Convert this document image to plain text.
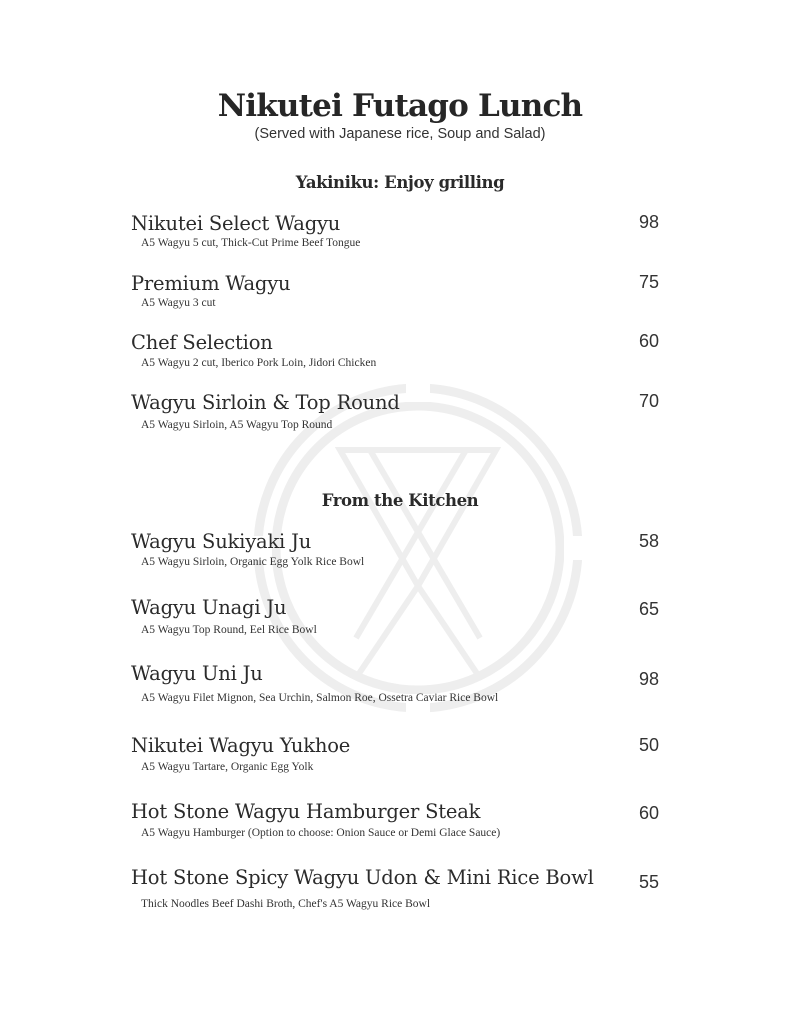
Nikutei Futago Lunch
(Served with Japanese rice, Soup and Salad)
Yakiniku: Enjoy grilling
Nikutei Select Wagyu
A5 Wagyu 5 cut, Thick-Cut Prime Beef Tongue
98
Premium Wagyu
A5 Wagyu 3 cut
75
Chef Selection
A5 Wagyu 2 cut, Iberico Pork Loin, Jidori Chicken
60
Wagyu Sirloin & Top Round
A5 Wagyu Sirloin, A5 Wagyu Top Round
70
From the Kitchen
Wagyu Sukiyaki Ju
A5 Wagyu Sirloin, Organic Egg Yolk Rice Bowl
58
Wagyu Unagi Ju
A5 Wagyu Top Round, Eel Rice Bowl
65
Wagyu Uni Ju
A5 Wagyu Filet Mignon, Sea Urchin, Salmon Roe, Ossetra Caviar Rice Bowl
98
Nikutei Wagyu Yukhoe
A5 Wagyu Tartare, Organic Egg Yolk
50
Hot Stone Wagyu Hamburger Steak
A5 Wagyu Hamburger (Option to choose: Onion Sauce or Demi Glace Sauce)
60
Hot Stone Spicy Wagyu Udon & Mini Rice Bowl
Thick Noodles Beef Dashi Broth, Chef's A5 Wagyu Rice Bowl
55
